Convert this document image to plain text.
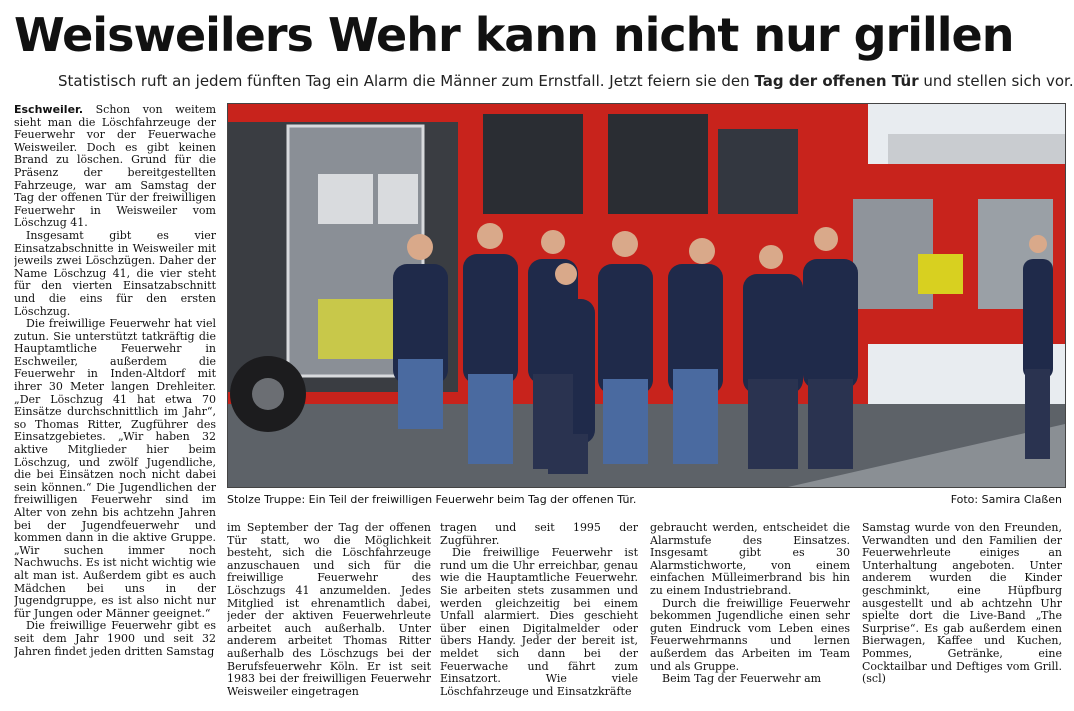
Weisweilers Wehr kann nicht nur grillen
Statistisch ruft an jedem fünften Tag ein Alarm die Männer zum Ernstfall. Jetzt feiern sie den Tag der offenen Tür und stellen sich vor.

Eschweiler. Schon von weitem sieht man die Löschfahrzeuge der Feuerwehr vor der Feuerwache Weisweiler. Doch es gibt keinen Brand zu löschen. Grund für die Präsenz der bereitgestellten Fahrzeuge, war am Samstag der Tag der offenen Tür der freiwilligen Feuerwehr in Weisweiler vom Löschzug 41.

Insgesamt gibt es vier Einsatzabschnitte in Weisweiler mit jeweils zwei Löschzügen. Daher der Name Löschzug 41, die vier steht für den vierten Einsatzabschnitt und die eins für den ersten Löschzug.

Die freiwillige Feuerwehr hat viel zutun. Sie unterstützt tatkräftig die Hauptamtliche Feuerwehr in Eschweiler, außerdem die Feuerwehr in Inden-Altdorf mit ihrer 30 Meter langen Drehleiter. „Der Löschzug 41 hat etwa 70 Einsätze durchschnittlich im Jahr“, so Thomas Ritter, Zugführer des Einsatzgebietes. „Wir haben 32 aktive Mitglieder hier beim Löschzug, und zwölf Jugendliche, die bei Einsätzen noch nicht dabei sein können.“ Die Jugendlichen der freiwilligen Feuerwehr sind im Alter von zehn bis achtzehn Jahren bei der Jugendfeuerwehr und kommen dann in die aktive Gruppe. „Wir suchen immer noch Nachwuchs. Es ist nicht wichtig wie alt man ist. Außerdem gibt es auch Mädchen bei uns in der Jugendgruppe, es ist also nicht nur für Jungen oder Männer geeignet.“

Die freiwillige Feuerwehr gibt es seit dem Jahr 1900 und seit 32 Jahren findet jeden dritten Samstag

Stolze Truppe: Ein Teil der freiwilligen Feuerwehr beim Tag der offenen Tür.	Foto: Samira Claßen

im September der Tag der offenen Tür statt, wo die Möglichkeit besteht, sich die Löschfahrzeuge anzuschauen und sich für die freiwillige Feuerwehr des Löschzugs 41 anzumelden. Jedes Mitglied ist ehrenamtlich dabei, jeder der aktiven Feuerwehrleute arbeitet auch außerhalb. Unter anderem arbeitet Thomas Ritter außerhalb des Löschzugs bei der Berufsfeuerwehr Köln. Er ist seit 1983 bei der freiwilligen Feuerwehr Weisweiler eingetragen

tragen und seit 1995 der Zugführer.

Die freiwillige Feuerwehr ist rund um die Uhr erreichbar, genau wie die Hauptamtliche Feuerwehr. Sie arbeiten stets zusammen und werden gleichzeitig bei einem Unfall alarmiert. Dies geschieht über einen Digitalmelder oder übers Handy. Jeder der bereit ist, meldet sich dann bei der Feuerwache und fährt zum Einsatzort. Wie viele Löschfahrzeuge und Einsatzkräfte

gebraucht werden, entscheidet die Alarmstufe des Einsatzes. Insgesamt gibt es 30 Alarmstichworte, von einem einfachen Mülleimerbrand bis hin zu einem Industriebrand.

Durch die freiwillige Feuerwehr bekommen Jugendliche einen sehr guten Eindruck vom Leben eines Feuerwehrmanns und lernen außerdem das Arbeiten im Team und als Gruppe.

Beim Tag der Feuerwehr am

Samstag wurde von den Freunden, Verwandten und den Familien der Feuerwehrleute einiges an Unterhaltung angeboten. Unter anderem wurden die Kinder geschminkt, eine Hüpfburg ausgestellt und ab achtzehn Uhr spielte dort die Live-Band „The Surprise“. Es gab außerdem einen Bierwagen, Kaffee und Kuchen, Pommes, Getränke, eine Cocktailbar und Deftiges vom Grill. (scl)
